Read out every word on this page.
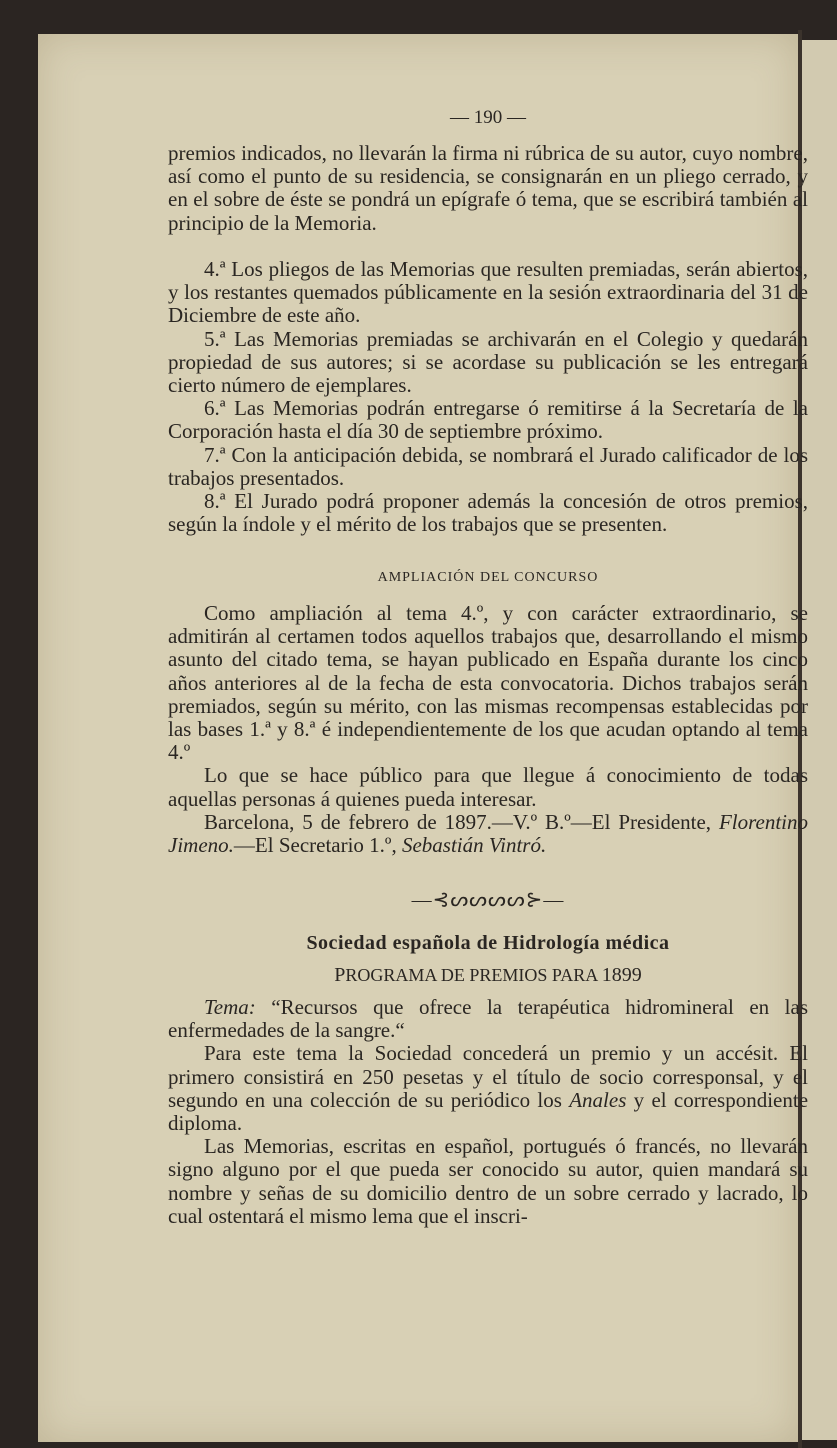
— 190 —

premios indicados, no llevarán la firma ni rúbrica de su autor, cuyo nombre, así como el punto de su residencia, se consignarán en un pliego cerrado, y en el sobre de éste se pondrá un epígrafe ó tema, que se escribirá también al principio de la Memoria.

4.ª Los pliegos de las Memorias que resulten premiadas, serán abiertos, y los restantes quemados públicamente en la sesión extraordinaria del 31 de Diciembre de este año.

5.ª Las Memorias premiadas se archivarán en el Colegio y quedarán propiedad de sus autores; si se acordase su publicación se les entregará cierto número de ejemplares.

6.ª Las Memorias podrán entregarse ó remitirse á la Secretaría de la Corporación hasta el día 30 de septiembre próximo.

7.ª Con la anticipación debida, se nombrará el Jurado calificador de los trabajos presentados.

8.ª El Jurado podrá proponer además la concesión de otros premios, según la índole y el mérito de los trabajos que se presenten.

AMPLIACIÓN DEL CONCURSO

Como ampliación al tema 4.º, y con carácter extraordinario, se admitirán al certamen todos aquellos trabajos que, desarrollando el mismo asunto del citado tema, se hayan publicado en España durante los cinco años anteriores al de la fecha de esta convocatoria. Dichos trabajos serán premiados, según su mérito, con las mismas recompensas establecidas por las bases 1.ª y 8.ª é independientemente de los que acudan optando al tema 4.º

Lo que se hace público para que llegue á conocimiento de todas aquellas personas á quienes pueda interesar.

Barcelona, 5 de febrero de 1897.—V.º B.º—El Presidente, Florentino Jimeno.—El Secretario 1.º, Sebastián Vintró.

—⊰ᔕᔕᔕᔕ⊱—
Sociedad española de Hidrología médica
PROGRAMA DE PREMIOS PARA 1899

Tema: “Recursos que ofrece la terapéutica hidromineral en las enfermedades de la sangre.“

Para este tema la Sociedad concederá un premio y un accésit. El primero consistirá en 250 pesetas y el título de socio corresponsal, y el segundo en una colección de su periódico los Anales y el correspondiente diploma.

Las Memorias, escritas en español, portugués ó francés, no llevarán signo alguno por el que pueda ser conocido su autor, quien mandará su nombre y señas de su domicilio dentro de un sobre cerrado y lacrado, lo cual ostentará el mismo lema que el inscri-
